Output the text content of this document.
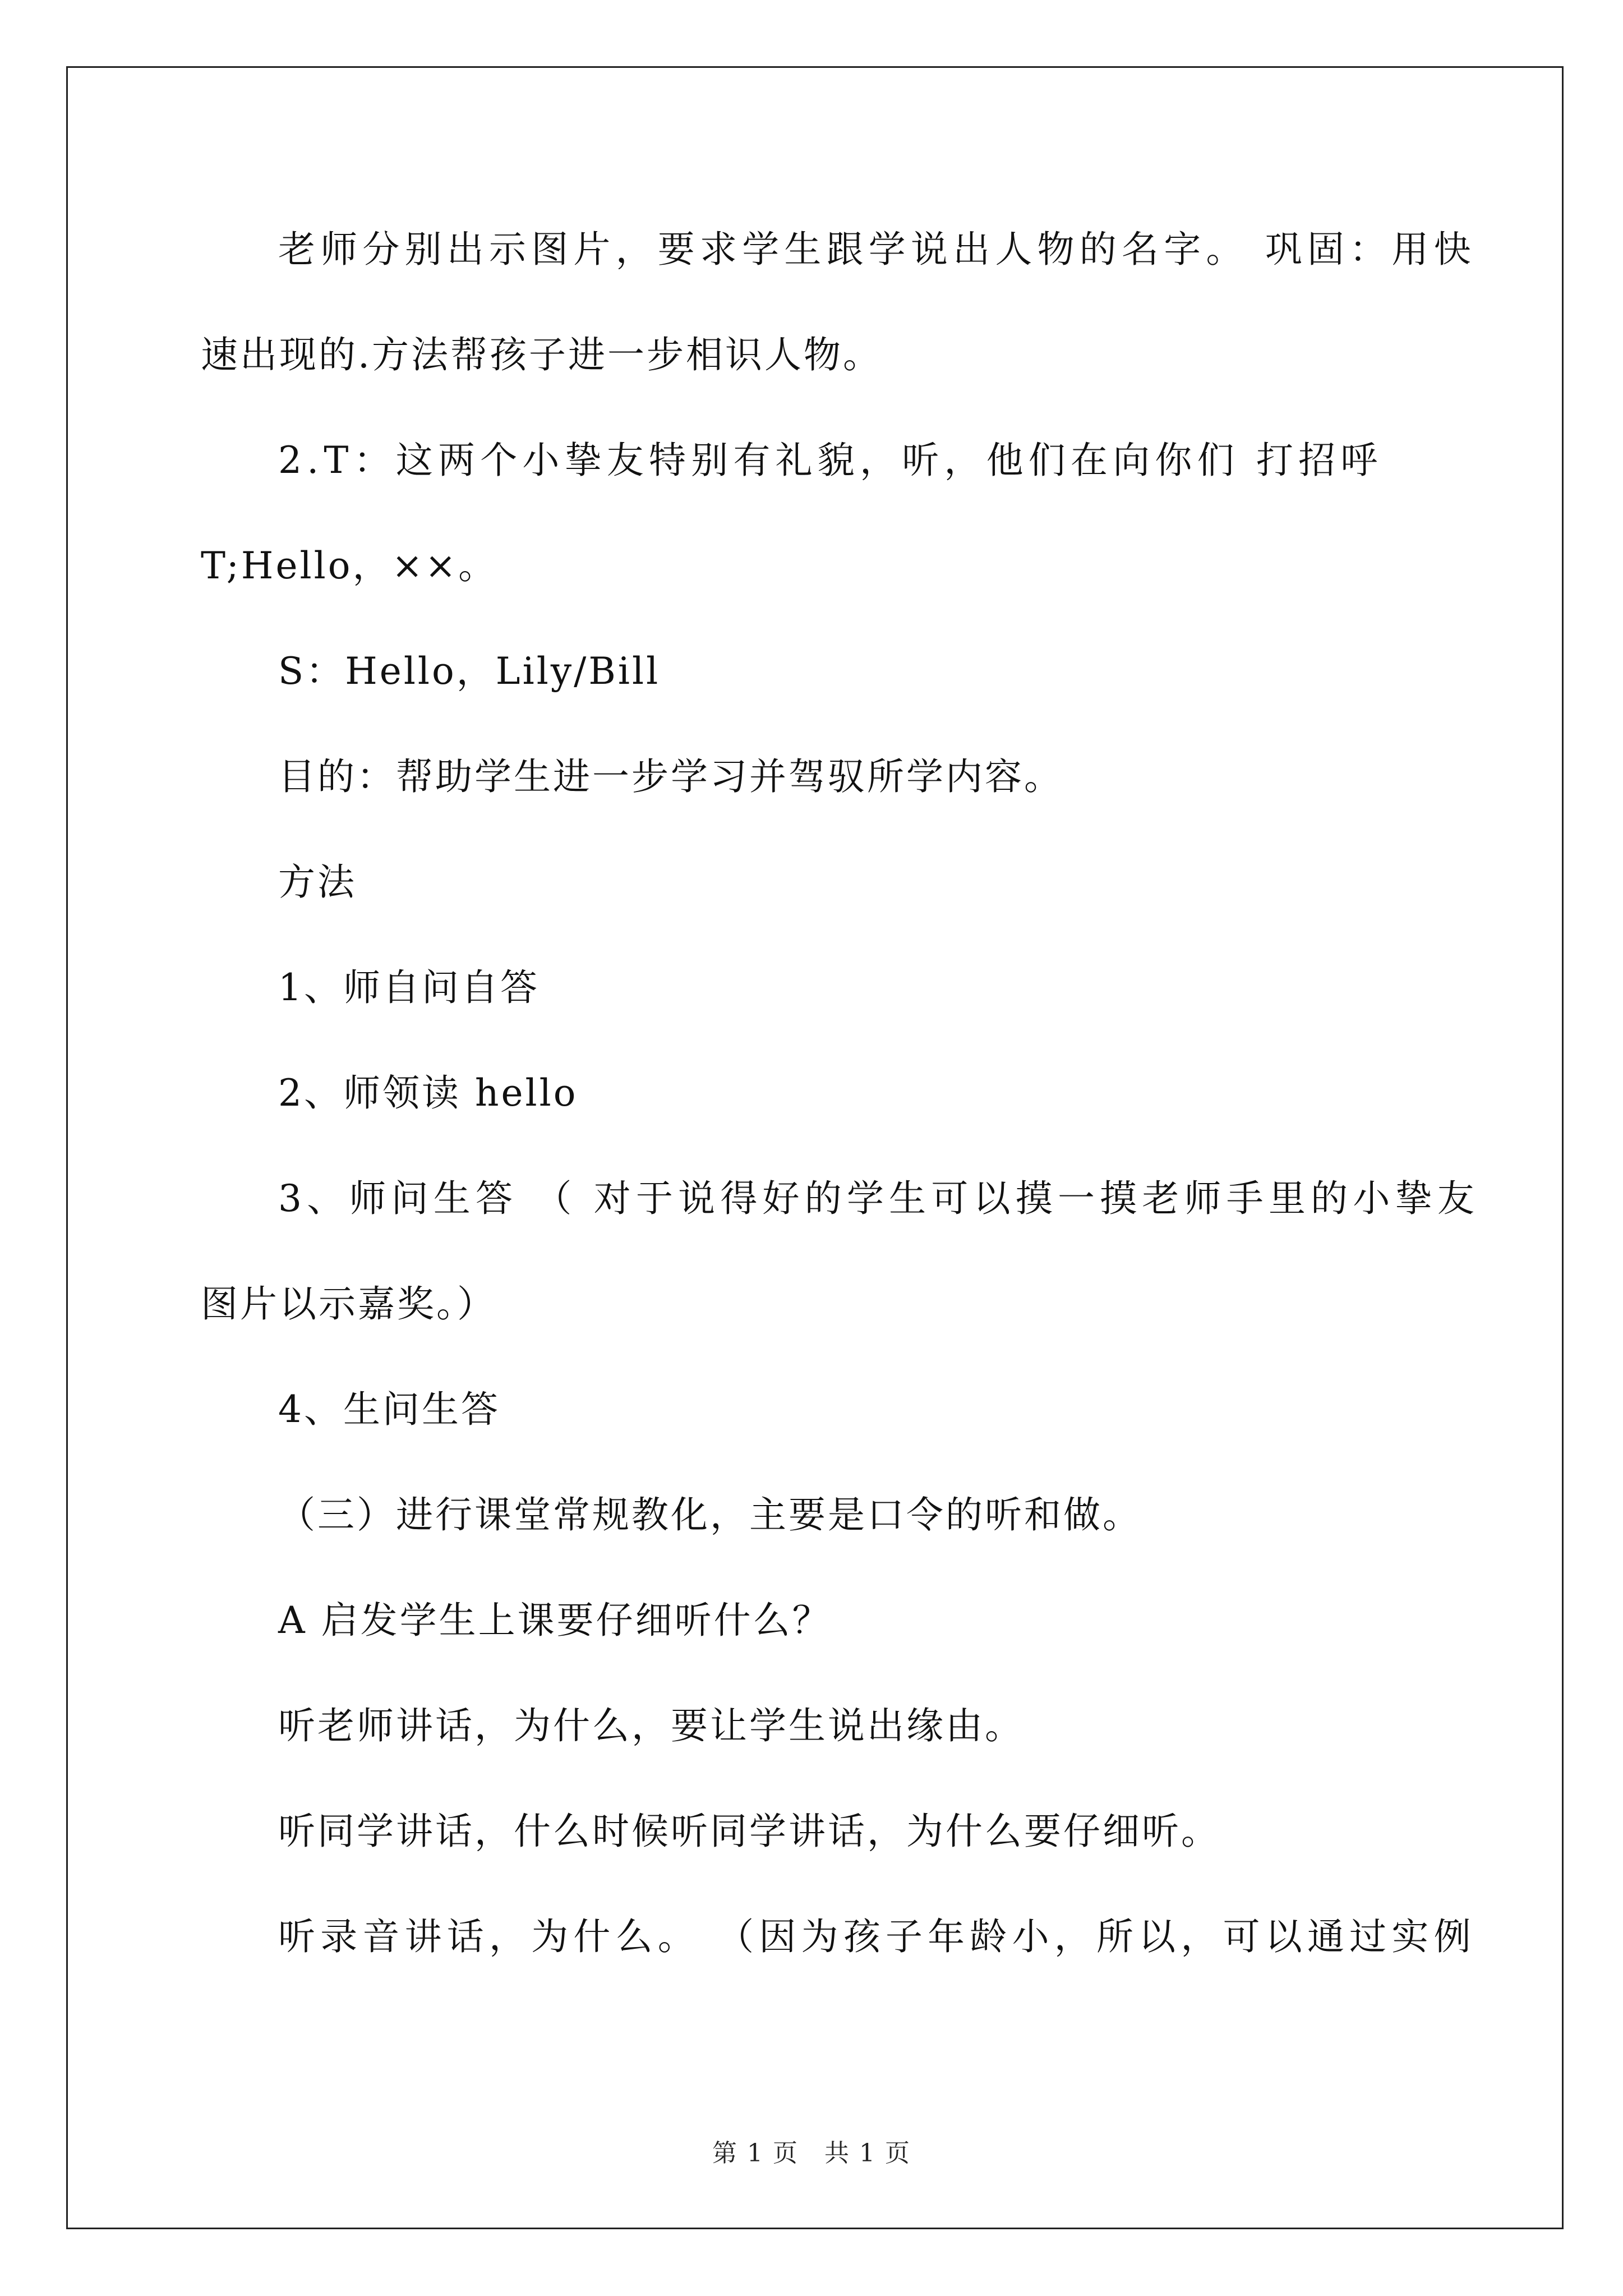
老师分别出示图片，要求学生跟学说出人物的名字。 巩固：用快
速出现的.方法帮孩子进一步相识人物。
2.T：这两个小挚友特别有礼貌，听，他们在向你们 打招呼
T;Hello，××。
S：Hello，Lily/Bill
目的：帮助学生进一步学习并驾驭所学内容。
方法
1、师自问自答
2、师领读 hello
3、师问生答 （ 对于说得好的学生可以摸一摸老师手里的小挚友
图片以示嘉奖。）
4、生问生答
（三）进行课堂常规教化，主要是口令的听和做。
A 启发学生上课要仔细听什么？
听老师讲话，为什么，要让学生说出缘由。
听同学讲话，什么时候听同学讲话，为什么要仔细听。
听录音讲话，为什么。 （因为孩子年龄小，所以，可以通过实例
第 1 页　共 1 页
